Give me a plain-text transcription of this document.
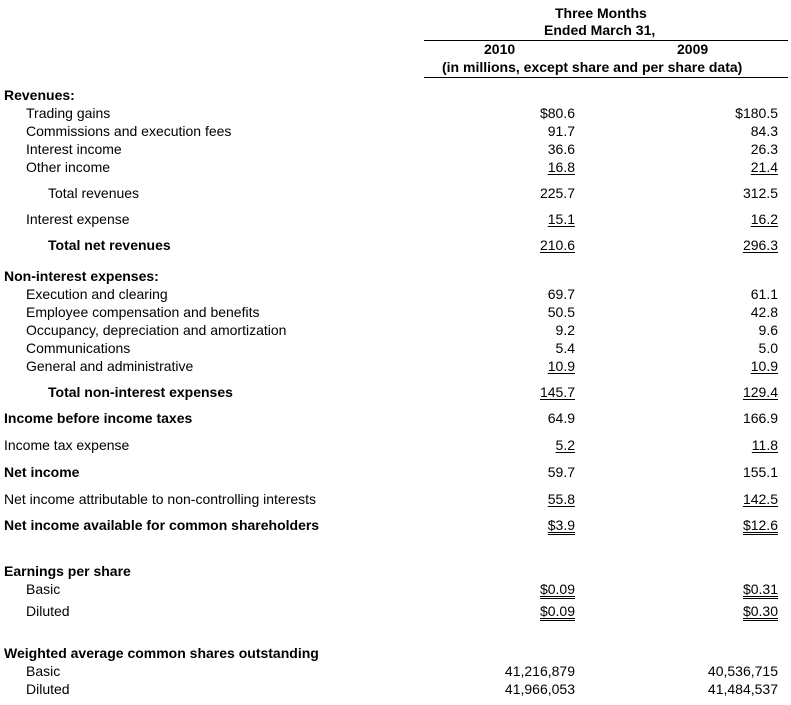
Three Months
Ended March 31,
2010	2009
(in millions, except share and per share data)
Revenues:
Trading gains	$80.6	$180.5
Commissions and execution fees	91.7	84.3
Interest income	36.6	26.3
Other income	16.8	21.4
Total revenues	225.7	312.5
Interest expense	15.1	16.2
Total net revenues	210.6	296.3
Non-interest expenses:
Execution and clearing	69.7	61.1
Employee compensation and benefits	50.5	42.8
Occupancy, depreciation and amortization	9.2	9.6
Communications	5.4	5.0
General and administrative	10.9	10.9
Total non-interest expenses	145.7	129.4
Income before income taxes	64.9	166.9
Income tax expense	5.2	11.8
Net income	59.7	155.1
Net income attributable to non-controlling interests	55.8	142.5
Net income available for common shareholders	$3.9	$12.6
Earnings per share
Basic	$0.09	$0.31
Diluted	$0.09	$0.30
Weighted average common shares outstanding
Basic	41,216,879	40,536,715
Diluted	41,966,053	41,484,537
